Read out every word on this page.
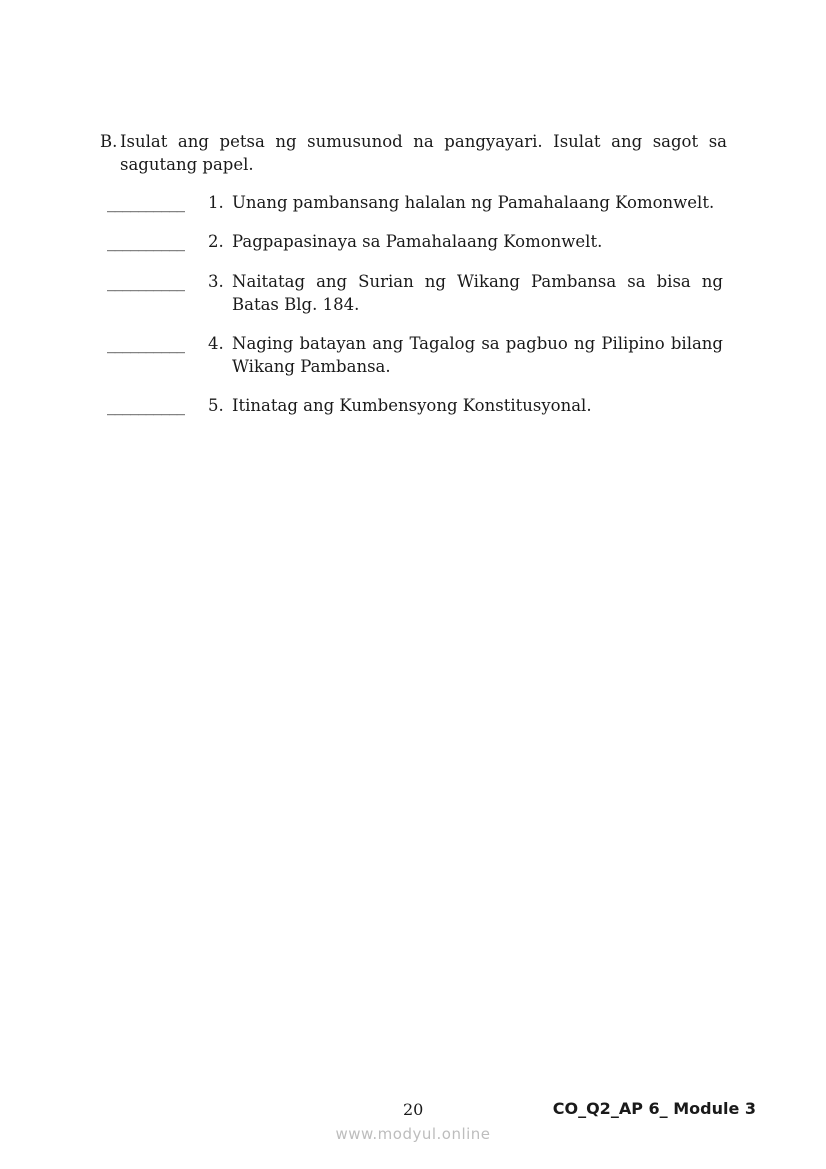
B. Isulat ang petsa ng sumusunod na pangyayari. Isulat ang sagot sa sagutang papel.
__________ 1. Unang pambansang halalan ng Pamahalaang Komonwelt.
__________ 2. Pagpapasinaya sa Pamahalaang Komonwelt.
__________ 3. Naitatag ang Surian ng Wikang Pambansa sa bisa ng Batas Blg. 184.
__________ 4. Naging batayan ang Tagalog sa pagbuo ng Pilipino bilang Wikang Pambansa.
__________ 5. Itinatag ang Kumbensyong Konstitusyonal.
20	CO_Q2_AP 6_ Module 3
www.modyul.online
